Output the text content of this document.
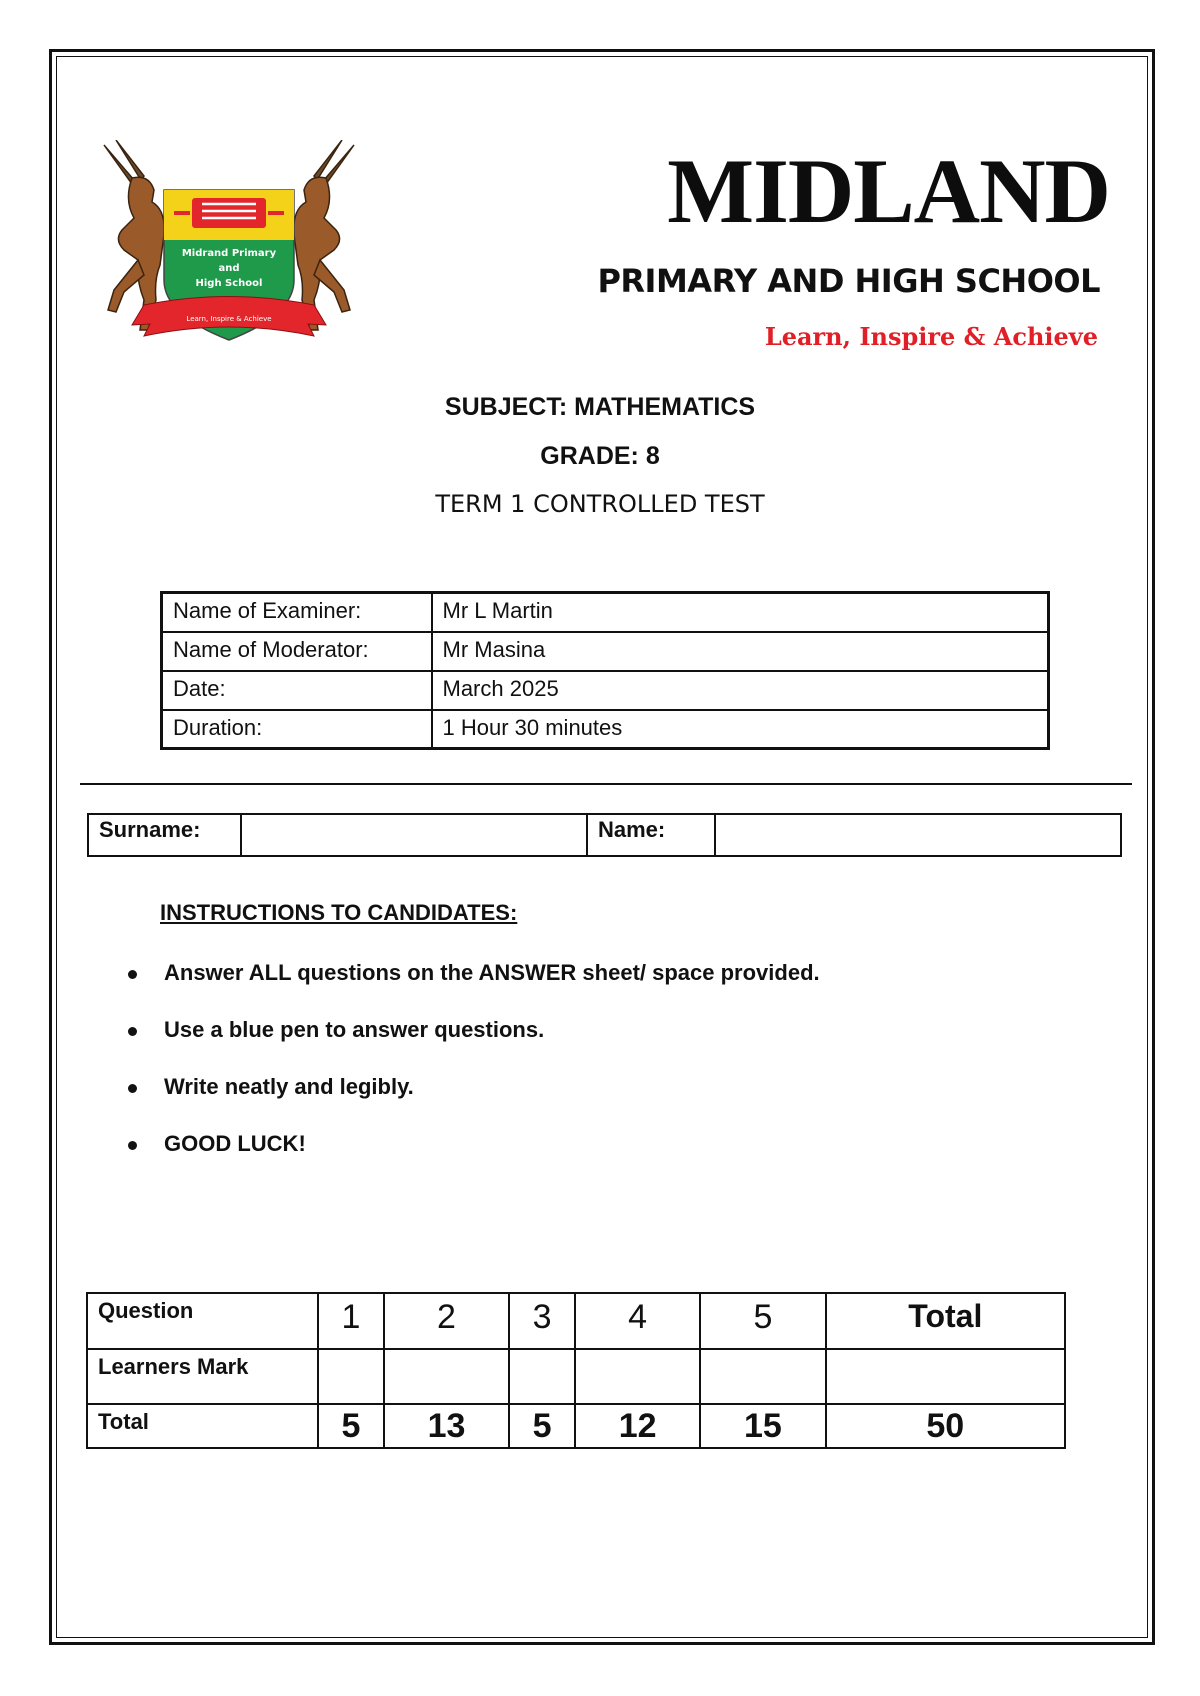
Midrand Primary
and
High School
Learn, Inspire & Achieve
MIDLAND
PRIMARY AND HIGH SCHOOL
Learn, Inspire & Achieve
SUBJECT: MATHEMATICS
GRADE: 8
TERM 1 CONTROLLED TEST
Name of Examiner:	Mr L Martin
Name of Moderator:	Mr Masina
Date:	March 2025
Duration:	1 Hour 30 minutes
Surname:		Name:	
INSTRUCTIONS TO CANDIDATES:
Answer ALL questions on the ANSWER sheet/ space provided.
Use a blue pen to answer questions.
Write neatly and legibly.
GOOD LUCK!
Question	1	2	3	4	5	Total
Learners Mark						
Total	5	13	5	12	15	50
